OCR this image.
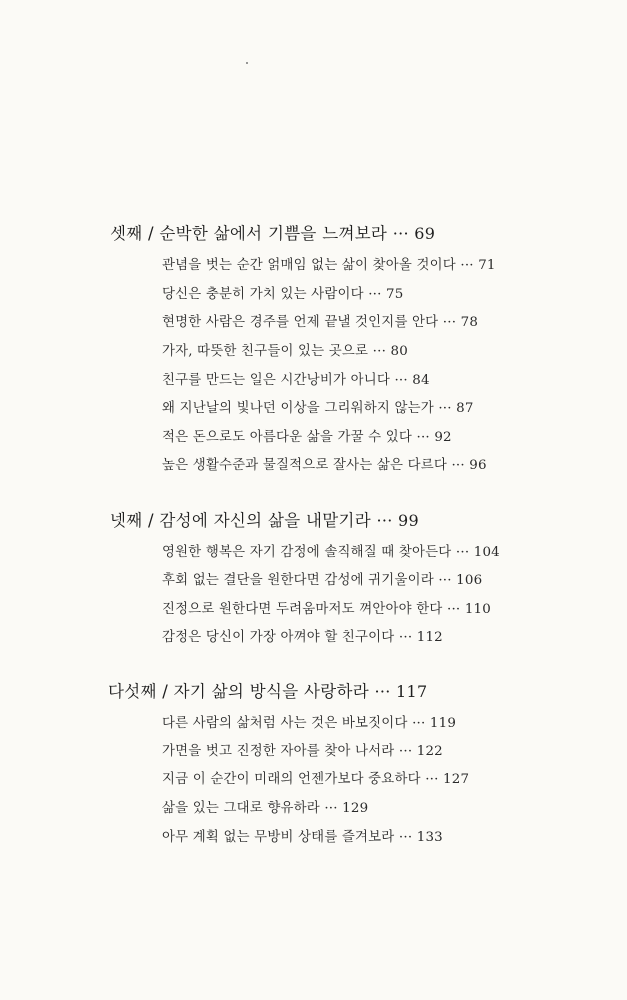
셋째 / 순박한 삶에서 기쁨을 느껴보라 ··· 69
관념을 벗는 순간 얽매임 없는 삶이 찾아올 것이다 ··· 71
당신은 충분히 가치 있는 사람이다 ··· 75
현명한 사람은 경주를 언제 끝낼 것인지를 안다 ··· 78
가자, 따뜻한 친구들이 있는 곳으로 ··· 80
친구를 만드는 일은 시간낭비가 아니다 ··· 84
왜 지난날의 빛나던 이상을 그리워하지 않는가 ··· 87
적은 돈으로도 아름다운 삶을 가꿀 수 있다 ··· 92
높은 생활수준과 물질적으로 잘사는 삶은 다르다 ··· 96
넷째 / 감성에 자신의 삶을 내맡기라 ··· 99
영원한 행복은 자기 감정에 솔직해질 때 찾아든다 ··· 104
후회 없는 결단을 원한다면 감성에 귀기울이라 ··· 106
진정으로 원한다면 두려움마저도 껴안아야 한다 ··· 110
감정은 당신이 가장 아껴야 할 친구이다 ··· 112
다섯째 / 자기 삶의 방식을 사랑하라 ··· 117
다른 사람의 삶처럼 사는 것은 바보짓이다 ··· 119
가면을 벗고 진정한 자아를 찾아 나서라 ··· 122
지금 이 순간이 미래의 언젠가보다 중요하다 ··· 127
삶을 있는 그대로 향유하라 ··· 129
아무 계획 없는 무방비 상태를 즐겨보라 ··· 133
